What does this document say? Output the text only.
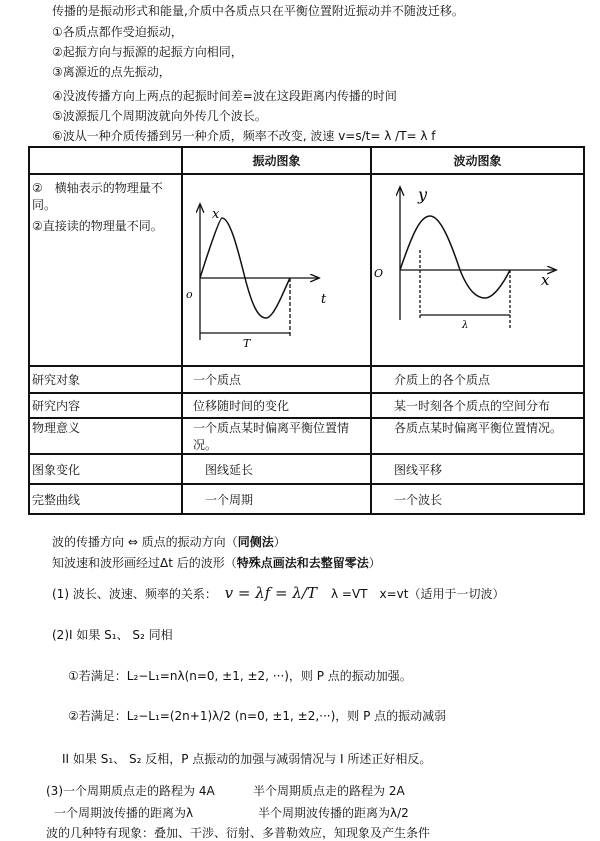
传播的是振动形式和能量,介质中各质点只在平衡位置附近振动并不随波迁移。
①各质点都作受迫振动，
②起振方向与振源的起振方向相同，
③离源近的点先振动，
④没波传播方向上两点的起振时间差=波在这段距离内传播的时间
⑤波源振几个周期波就向外传几个波长。
⑥波从一种介质传播到另一种介质，频率不改变, 波速 v=s/t= λ /T= λ f
	振动图象	波动图象

②　横轴表示的物理量不同。
②直接读的物理量不同。		

研究对象	一个质点	介质上的各个质点
研究内容	位移随时间的变化	某一时刻各个质点的空间分布
物理意义	一个质点某时偏离平衡位置情况。	各质点某时偏离平衡位置情况。
图象变化	图线延长	图线平移
完整曲线	一个周期	一个波长
x
t
o
T
y
x
O
λ
波的传播方向 ⇔ 质点的振动方向（同侧法）
知波速和波形画经过Δt 后的波形（特殊点画法和去整留零法）
(1) 波长、波速、频率的关系： v = λf = λ/T λ =VT　x=vt（适用于一切波）
(2)I 如果 S₁、 S₂ 同相
①若满足：L₂−L₁=nλ(n=0, ±1, ±2, ···)，则 P 点的振动加强。
②若满足：L₂−L₁=(2n+1)λ/2 (n=0, ±1, ±2,···)，则 P 点的振动减弱
II 如果 S₁、 S₂ 反相，P 点振动的加强与减弱情况与 I 所述正好相反。
(3)一个周期质点走的路程为 4A	半个周期质点走的路程为 2A
一个周期波传播的距离为λ	半个周期波传播的距离为λ/2
波的几种特有现象：叠加、干涉、衍射、多普勒效应，知现象及产生条件
